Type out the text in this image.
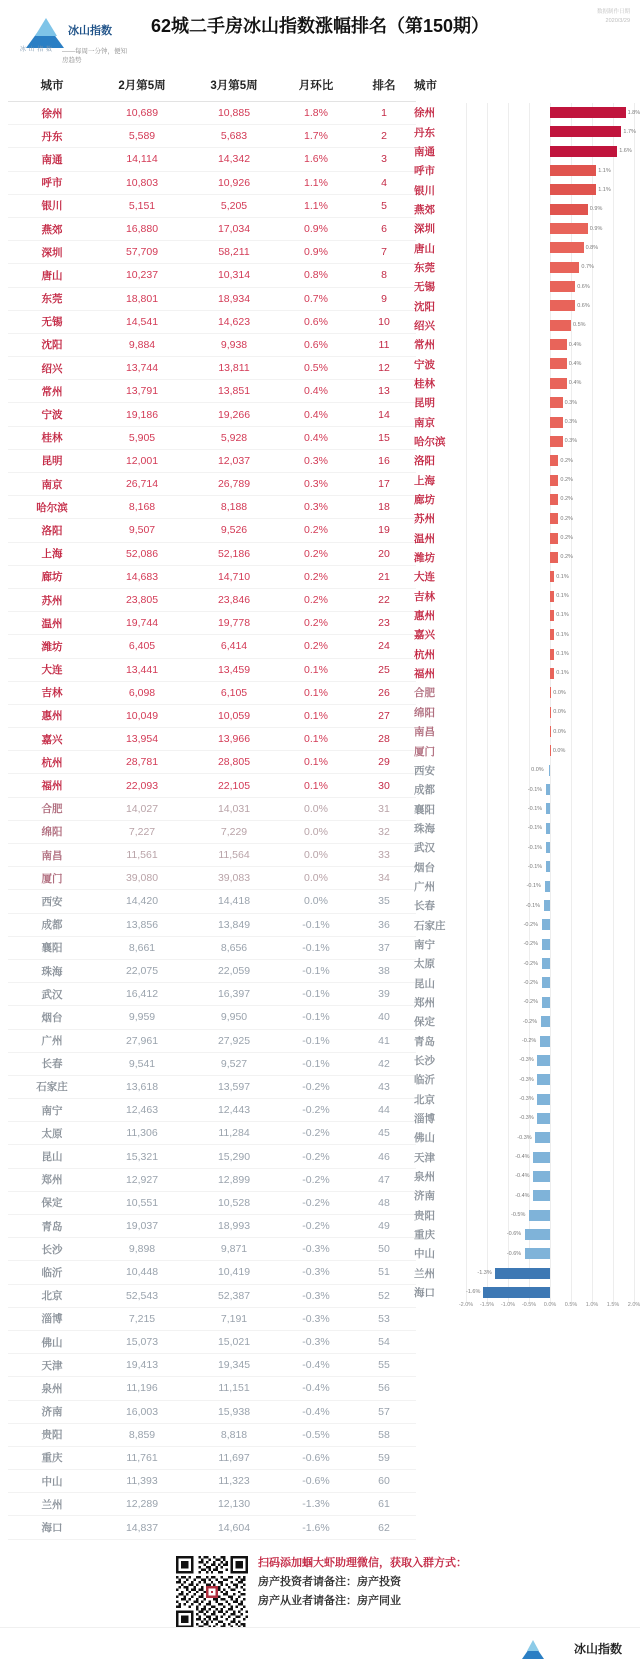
冰山指数
冰 山 指 数 ——每周一分钟，便知房趋势
62城二手房冰山指数涨幅排名（第150期）
数据制作日期
2020/3/29
城市	2月第5周	3月第5周	月环比	排名
徐州	10,689	10,885	1.8%	1
丹东	5,589	5,683	1.7%	2
南通	14,114	14,342	1.6%	3
呼市	10,803	10,926	1.1%	4
银川	5,151	5,205	1.1%	5
燕郊	16,880	17,034	0.9%	6
深圳	57,709	58,211	0.9%	7
唐山	10,237	10,314	0.8%	8
东莞	18,801	18,934	0.7%	9
无锡	14,541	14,623	0.6%	10
沈阳	9,884	9,938	0.6%	11
绍兴	13,744	13,811	0.5%	12
常州	13,791	13,851	0.4%	13
宁波	19,186	19,266	0.4%	14
桂林	5,905	5,928	0.4%	15
昆明	12,001	12,037	0.3%	16
南京	26,714	26,789	0.3%	17
哈尔滨	8,168	8,188	0.3%	18
洛阳	9,507	9,526	0.2%	19
上海	52,086	52,186	0.2%	20
廊坊	14,683	14,710	0.2%	21
苏州	23,805	23,846	0.2%	22
温州	19,744	19,778	0.2%	23
潍坊	6,405	6,414	0.2%	24
大连	13,441	13,459	0.1%	25
吉林	6,098	6,105	0.1%	26
惠州	10,049	10,059	0.1%	27
嘉兴	13,954	13,966	0.1%	28
杭州	28,781	28,805	0.1%	29
福州	22,093	22,105	0.1%	30
合肥	14,027	14,031	0.0%	31
绵阳	7,227	7,229	0.0%	32
南昌	11,561	11,564	0.0%	33
厦门	39,080	39,083	0.0%	34
西安	14,420	14,418	0.0%	35
成都	13,856	13,849	-0.1%	36
襄阳	8,661	8,656	-0.1%	37
珠海	22,075	22,059	-0.1%	38
武汉	16,412	16,397	-0.1%	39
烟台	9,959	9,950	-0.1%	40
广州	27,961	27,925	-0.1%	41
长春	9,541	9,527	-0.1%	42
石家庄	13,618	13,597	-0.2%	43
南宁	12,463	12,443	-0.2%	44
太原	11,306	11,284	-0.2%	45
昆山	15,321	15,290	-0.2%	46
郑州	12,927	12,899	-0.2%	47
保定	10,551	10,528	-0.2%	48
青岛	19,037	18,993	-0.2%	49
长沙	9,898	9,871	-0.3%	50
临沂	10,448	10,419	-0.3%	51
北京	52,543	52,387	-0.3%	52
淄博	7,215	7,191	-0.3%	53
佛山	15,073	15,021	-0.3%	54
天津	19,413	19,345	-0.4%	55
泉州	11,196	11,151	-0.4%	56
济南	16,003	15,938	-0.4%	57
贵阳	8,859	8,818	-0.5%	58
重庆	11,761	11,697	-0.6%	59
中山	11,393	11,323	-0.6%	60
兰州	12,289	12,130	-1.3%	61
海口	14,837	14,604	-1.6%	62
城市
徐州	1.8%
丹东	1.7%
南通	1.6%
呼市	1.1%
银川	1.1%
燕郊	0.9%
深圳	0.9%
唐山	0.8%
东莞	0.7%
无锡	0.6%
沈阳	0.6%
绍兴	0.5%
常州	0.4%
宁波	0.4%
桂林	0.4%
昆明	0.3%
南京	0.3%
哈尔滨	0.3%
洛阳	0.2%
上海	0.2%
廊坊	0.2%
苏州	0.2%
温州	0.2%
潍坊	0.2%
大连	0.1%
吉林	0.1%
惠州	0.1%
嘉兴	0.1%
杭州	0.1%
福州	0.1%
合肥	0.0%
绵阳	0.0%
南昌	0.0%
厦门	0.0%
西安	0.0%
成都	-0.1%
襄阳	-0.1%
珠海	-0.1%
武汉	-0.1%
烟台	-0.1%
广州	-0.1%
长春	-0.1%
石家庄	-0.2%
南宁	-0.2%
太原	-0.2%
昆山	-0.2%
郑州	-0.2%
保定	-0.2%
青岛	-0.2%
长沙	-0.3%
临沂	-0.3%
北京	-0.3%
淄博	-0.3%
佛山	-0.3%
天津	-0.4%
泉州	-0.4%
济南	-0.4%
贵阳	-0.5%
重庆	-0.6%
中山	-0.6%
兰州	-1.3%
海口	-1.6%
-2.0% -1.5% -1.0% -0.5% 0.0% 0.5% 1.0% 1.5% 2.0%
扫码添加蝈大虾助理微信，获取入群方式：
房产投资者请备注：房产投资
房产从业者请备注：房产同业
冰山指数
